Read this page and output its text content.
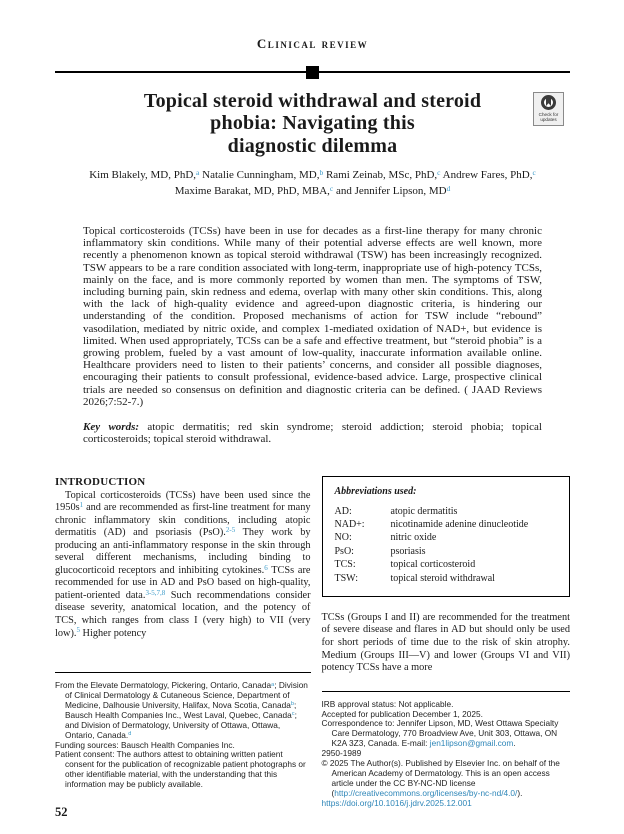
Clinical review
Topical steroid withdrawal and steroid
phobia: Navigating this
diagnostic dilemma
Check for updates
Kim Blakely, MD, PhD,$^a$ Natalie Cunningham, MD,$^b$ Rami Zeinab, MSc, PhD,$^c$ Andrew Fares, PhD,$^c$
Maxime Barakat, MD, PhD, MBA,$^c$ and Jennifer Lipson, $MD^d$

Topical corticosteroids (TCSs) have been in use for decades as a first-line therapy for many chronic inflammatory skin conditions. While many of their potential adverse effects are well known, more recently a phenomenon known as topical steroid withdrawal (TSW) has been increasingly recognized. TSW appears to be a rare condition associated with long-term, inappropriate use of high-potency TCSs, mainly on the face, and is more commonly reported by women than men. The symptoms of TSW, including burning pain, skin redness and edema, overlap with many other skin conditions. This, along with the lack of high-quality evidence and agreed-upon diagnostic criteria, is hindering our understanding of the condition. Proposed mechanisms of action for TSW include “rebound” vasodilation, mediated by nitric oxide, and complex 1-mediated oxidation of NAD+, but evidence is limited. When used appropriately, TCSs can be a safe and effective treatment, but “steroid phobia” is a growing problem, fueled by a vast amount of low-quality, inaccurate information available online. Healthcare providers need to listen to their patients’ concerns, and consider all possible diagnoses, encouraging their patients to consult professional, evidence-based advice. Large, prospective clinical trials are needed so consensus on definition and diagnostic criteria can be defined. ( JAAD Reviews 2026;7:52-7.)

Key words: atopic dermatitis; red skin syndrome; steroid addiction; steroid phobia; topical corticosteroids; topical steroid withdrawal.

INTRODUCTION

Topical corticosteroids (TCSs) have been used since the $1950s^1$ and are recommended as first-line treatment for many chronic inflammatory skin conditions, including atopic dermatitis (AD) and psoriasis (PsO).$^{2-5}$ They work by producing an anti-inflammatory response in the skin through several different mechanisms, including binding to glucocorticoid receptors and inhibiting cytokines.$^6$ TCSs are recommended for use in AD and PsO based on high-quality, patient-oriented data.$^{3-5,7,8}$ Such recommendations consider disease severity, anatomical location, and the potency of TCS, which ranges from class I (very high) to VII (very low).$^5$ Higher potency

From the Elevate Dermatology, Pickering, Ontario, Canada$^a$; Division of Clinical Dermatology & Cutaneous Science, Department of Medicine, Dalhousie University, Halifax, Nova Scotia, Canada$^b$; Bausch Health Companies Inc., West Laval, Quebec, Canada$^c$; and Division of Dermatology, University of Ottawa, Ottawa, Ontario, Canada.$^d$

Funding sources: Bausch Health Companies Inc.

Patient consent: The authors attest to obtaining written patient consent for the publication of recognizable patient photographs or other identifiable material, with the understanding that this information may be publicly available.

52
Abbreviations used:
AD:	atopic dermatitis
NAD+:	nicotinamide adenine dinucleotide
NO:	nitric oxide
PsO:	psoriasis
TCS:	topical corticosteroid
TSW:	topical steroid withdrawal

TCSs (Groups I and II) are recommended for the treatment of severe disease and flares in AD but should only be used for short periods of time due to the risk of skin atrophy. Medium (Groups III—V) and lower (Groups VI and VII) potency TCSs have a more

IRB approval status: Not applicable.

Accepted for publication December 1, 2025.

Correspondence to: Jennifer Lipson, MD, West Ottawa Specialty Care Dermatology, 770 Broadview Ave, Unit 303, Ottawa, ON K2A 3Z3, Canada. E-mail: jen1lipson@gmail.com.

2950-1989

© 2025 The Author(s). Published by Elsevier Inc. on behalf of the American Academy of Dermatology. This is an open access article under the CC BY-NC-ND license (http://creativecommons.org/licenses/by-nc-nd/4.0/).

https://doi.org/10.1016/j.jdrv.2025.12.001
